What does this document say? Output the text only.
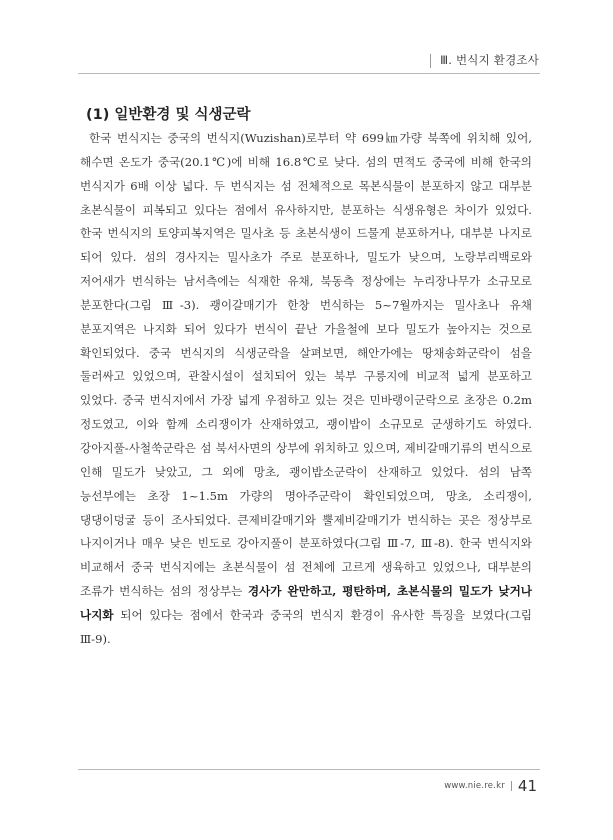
Ⅲ. 번식지 환경조사
(1) 일반환경 및 식생군락
한국 번식지는 중국의 번식지(Wuzishan)로부터 약 699㎞가량 북쪽에 위치해 있어, 해수면 온도가 중국(20.1℃)에 비해 16.8℃로 낮다. 섬의 면적도 중국에 비해 한국의 번식지가 6배 이상 넓다. 두 번식지는 섬 전체적으로 목본식물이 분포하지 않고 대부분 초본식물이 피복되고 있다는 점에서 유사하지만, 분포하는 식생유형은 차이가 있었다. 한국 번식지의 토양피복지역은 밀사초 등 초본식생이 드물게 분포하거나, 대부분 나지로 되어 있다. 섬의 경사지는 밀사초가 주로 분포하나, 밀도가 낮으며, 노랑부리백로와 저어새가 번식하는 남서측에는 식재한 유채, 북동측 정상에는 누리장나무가 소규모로 분포한다(그림 Ⅲ-3). 괭이갈매기가 한창 번식하는 5~7월까지는 밀사초나 유채 분포지역은 나지화 되어 있다가 번식이 끝난 가을철에 보다 밀도가 높아지는 것으로 확인되었다. 중국 번식지의 식생군락을 살펴보면, 해안가에는 땅채송화군락이 섬을 둘러싸고 있었으며, 관찰시설이 설치되어 있는 북부 구릉지에 비교적 넓게 분포하고 있었다. 중국 번식지에서 가장 넓게 우점하고 있는 것은 민바랭이군락으로 초장은 0.2m 정도였고, 이와 함께 소리쟁이가 산재하였고, 괭이밥이 소규모로 군생하기도 하였다. 강아지풀-사철쑥군락은 섬 북서사면의 상부에 위치하고 있으며, 제비갈매기류의 번식으로 인해 밀도가 낮았고, 그 외에 망초, 괭이밥소군락이 산재하고 있었다. 섬의 남쪽 능선부에는 초장 1~1.5m 가량의 명아주군락이 확인되었으며, 망초, 소리쟁이, 댕댕이덩굴 등이 조사되었다. 큰제비갈매기와 뿔제비갈매기가 번식하는 곳은 정상부로 나지이거나 매우 낮은 빈도로 강아지풀이 분포하였다(그림 Ⅲ-7, Ⅲ-8). 한국 번식지와 비교해서 중국 번식지에는 초본식물이 섬 전체에 고르게 생육하고 있었으나, 대부분의 조류가 번식하는 섬의 정상부는 경사가 완만하고, 평탄하며, 초본식물의 밀도가 낮거나 나지화 되어 있다는 점에서 한국과 중국의 번식지 환경이 유사한 특징을 보였다(그림 Ⅲ-9).
www.nie.re.kr 41
